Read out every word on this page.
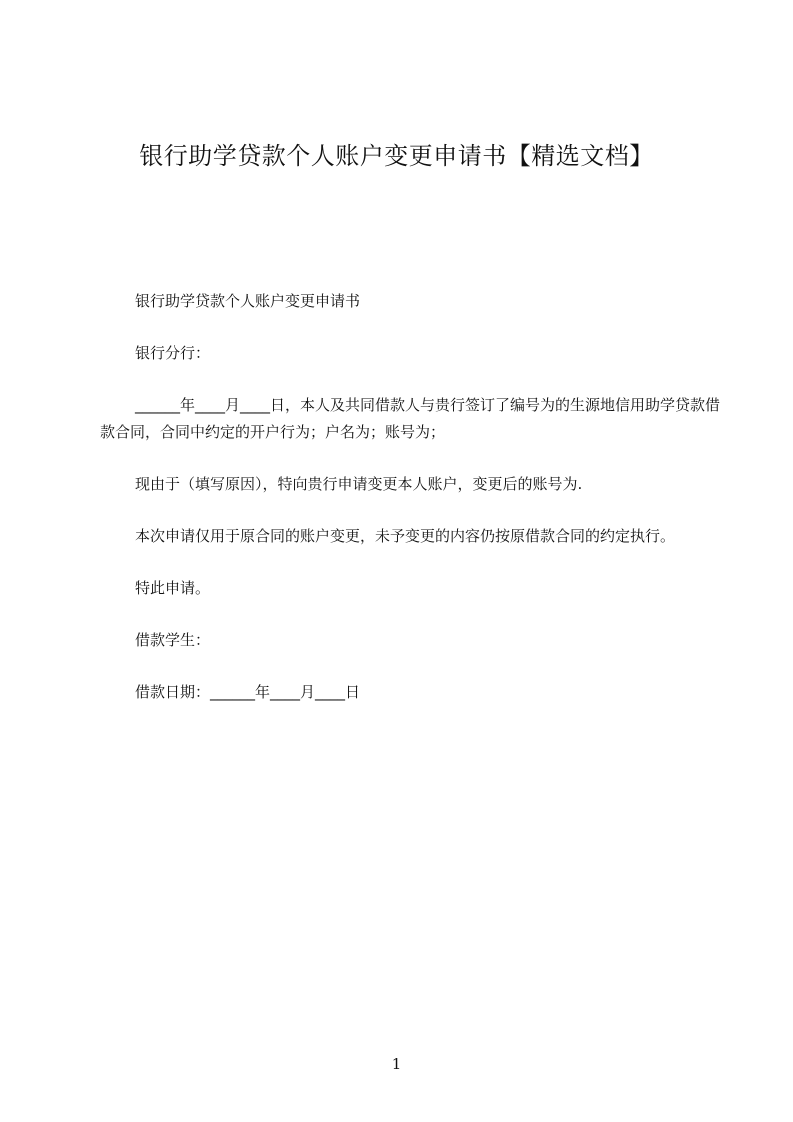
银行助学贷款个人账户变更申请书【精选文档】

银行助学贷款个人账户变更申请书

银行分行：

______年____月____日，本人及共同借款人与贵行签订了编号为的生源地信用助学贷款借款合同，合同中约定的开户行为；户名为；账号为；

现由于（填写原因），特向贵行申请变更本人账户，变更后的账号为.

本次申请仅用于原合同的账户变更，未予变更的内容仍按原借款合同的约定执行。

特此申请。

借款学生：

借款日期：______年____月____日

1
